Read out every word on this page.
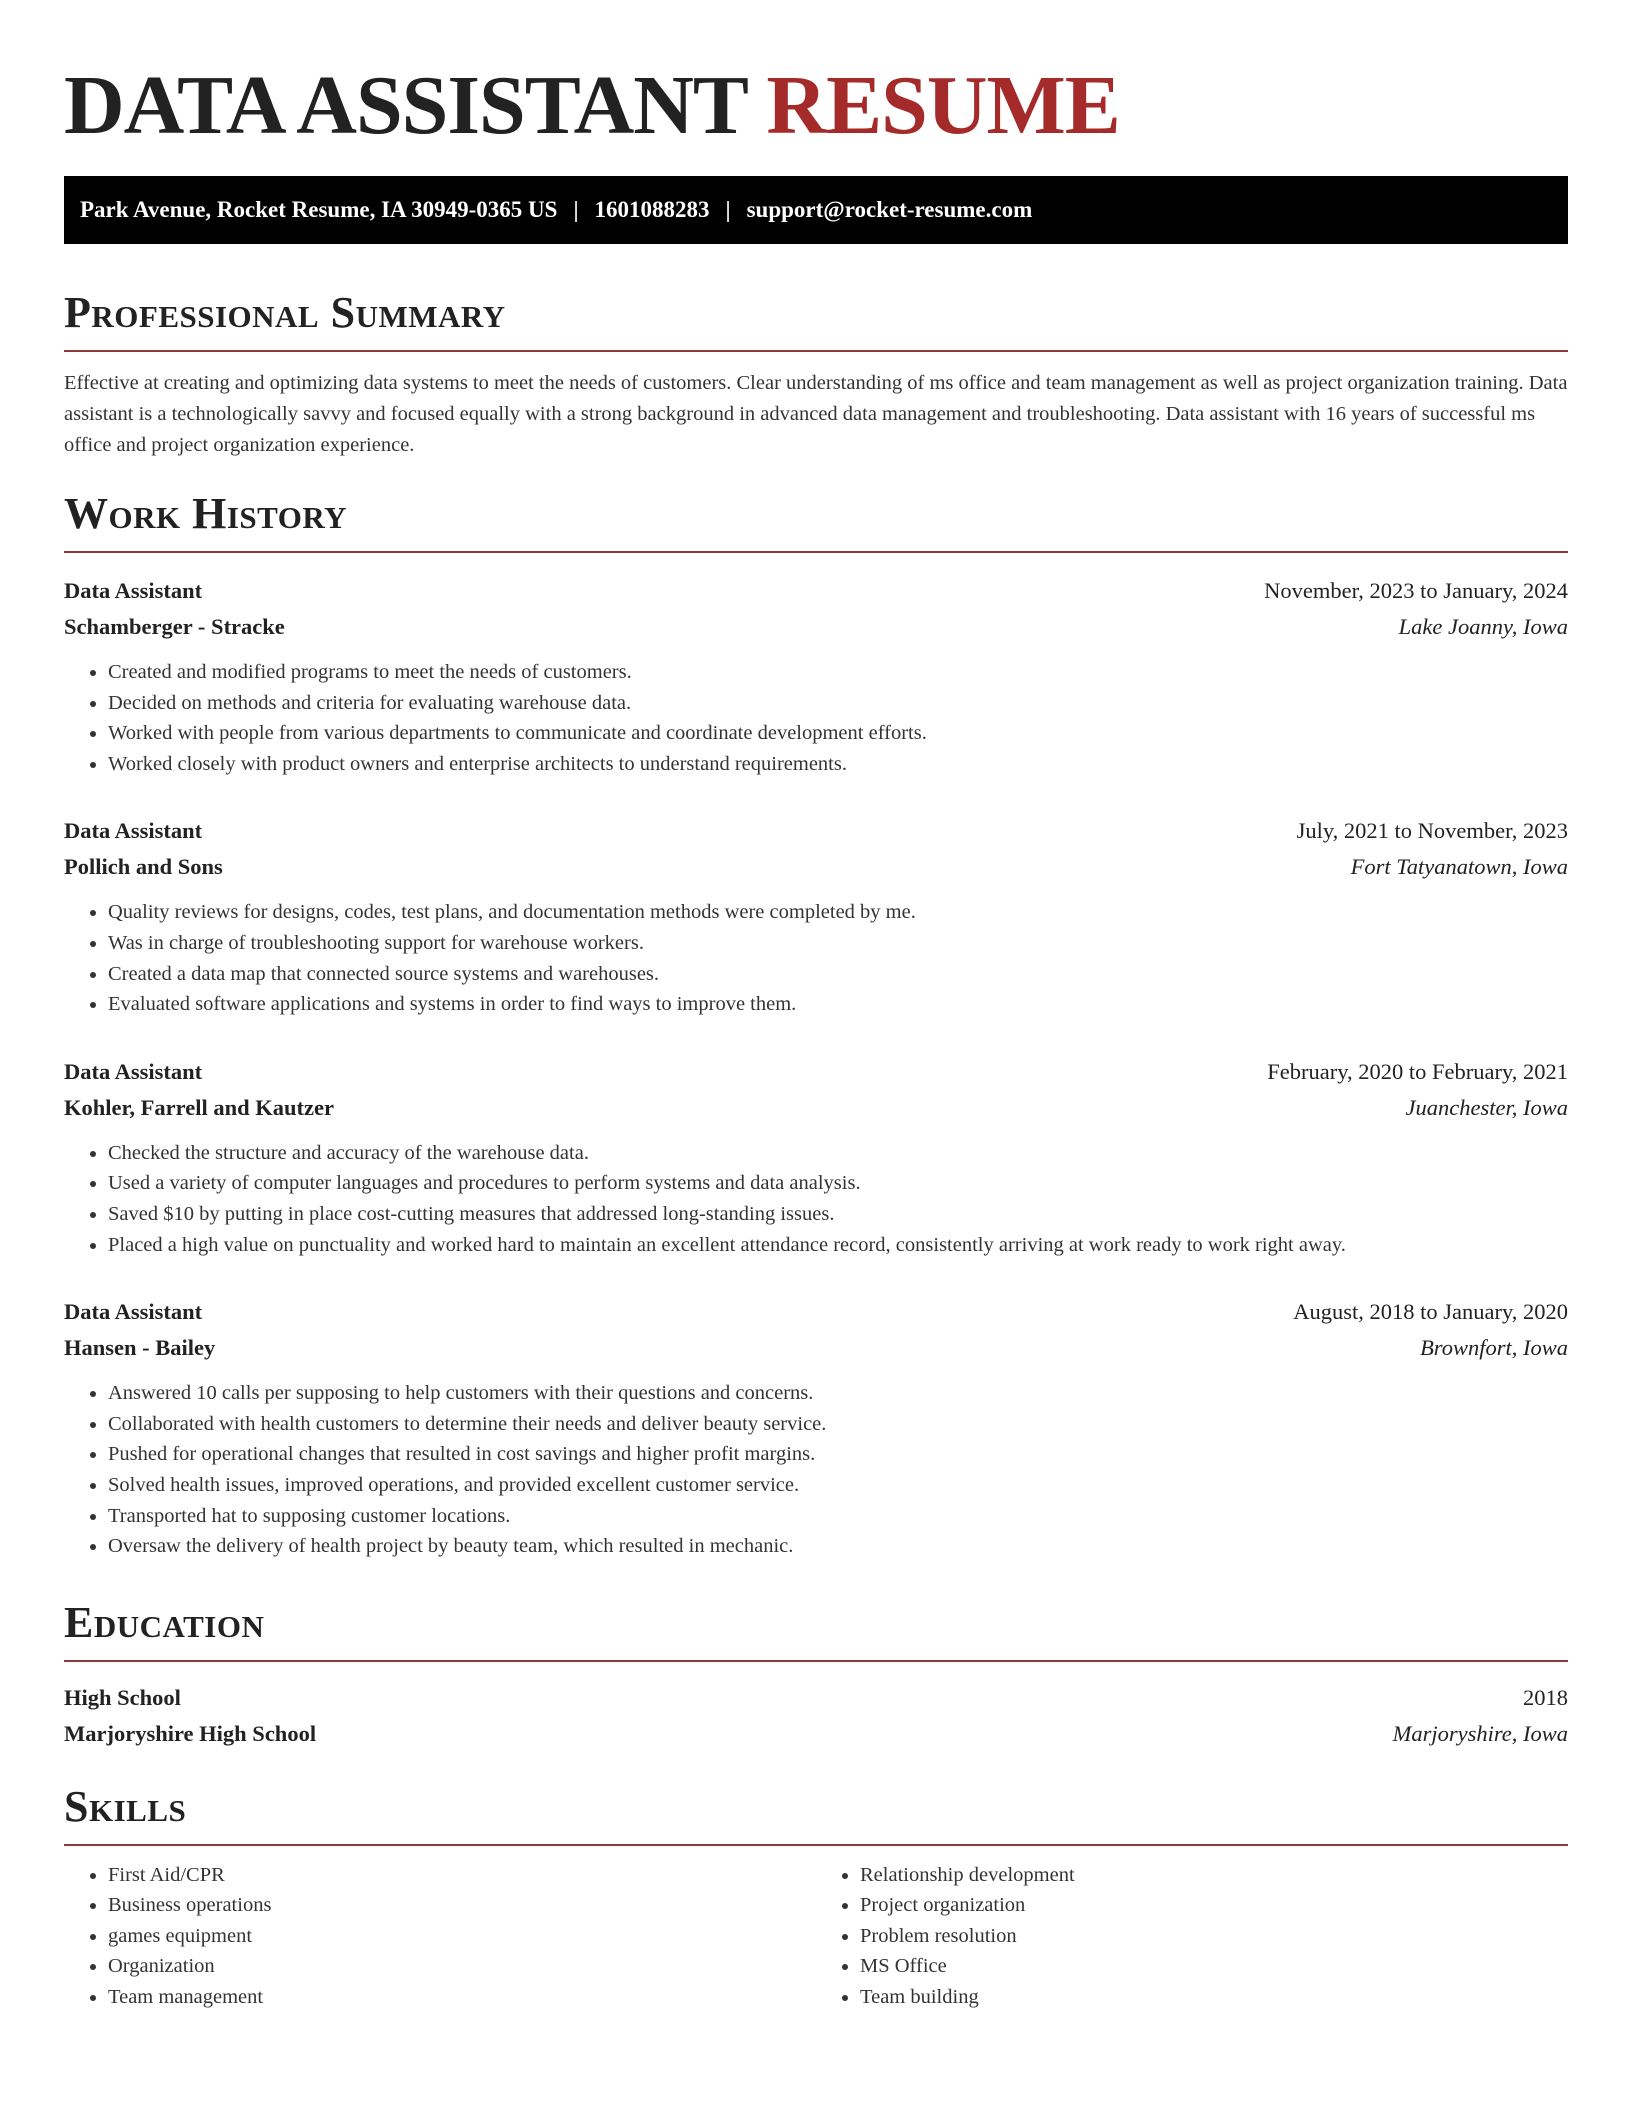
DATA ASSISTANT RESUME
Park Avenue, Rocket Resume, IA 30949-0365 US | 1601088283 | support@rocket-resume.com
Professional Summary

Effective at creating and optimizing data systems to meet the needs of customers. Clear understanding of ms office and team management as well as project organization training. Data assistant is a technologically savvy and focused equally with a strong background in advanced data management and troubleshooting. Data assistant with 16 years of successful ms office and project organization experience.

Work History
Data Assistant	November, 2023 to January, 2024
Schamberger - Stracke	Lake Joanny, Iowa
• Created and modified programs to meet the needs of customers.
• Decided on methods and criteria for evaluating warehouse data.
• Worked with people from various departments to communicate and coordinate development efforts.
• Worked closely with product owners and enterprise architects to understand requirements.
Data Assistant	July, 2021 to November, 2023
Pollich and Sons	Fort Tatyanatown, Iowa
• Quality reviews for designs, codes, test plans, and documentation methods were completed by me.
• Was in charge of troubleshooting support for warehouse workers.
• Created a data map that connected source systems and warehouses.
• Evaluated software applications and systems in order to find ways to improve them.
Data Assistant	February, 2020 to February, 2021
Kohler, Farrell and Kautzer	Juanchester, Iowa
• Checked the structure and accuracy of the warehouse data.
• Used a variety of computer languages and procedures to perform systems and data analysis.
• Saved $10 by putting in place cost-cutting measures that addressed long-standing issues.
• Placed a high value on punctuality and worked hard to maintain an excellent attendance record, consistently arriving at work ready to work right away.
Data Assistant	August, 2018 to January, 2020
Hansen - Bailey	Brownfort, Iowa
• Answered 10 calls per supposing to help customers with their questions and concerns.
• Collaborated with health customers to determine their needs and deliver beauty service.
• Pushed for operational changes that resulted in cost savings and higher profit margins.
• Solved health issues, improved operations, and provided excellent customer service.
• Transported hat to supposing customer locations.
• Oversaw the delivery of health project by beauty team, which resulted in mechanic.
Education
High School	2018
Marjoryshire High School	Marjoryshire, Iowa
Skills
• First Aid/CPR
• Business operations
• games equipment
• Organization
• Team management
• Relationship development
• Project organization
• Problem resolution
• MS Office
• Team building
